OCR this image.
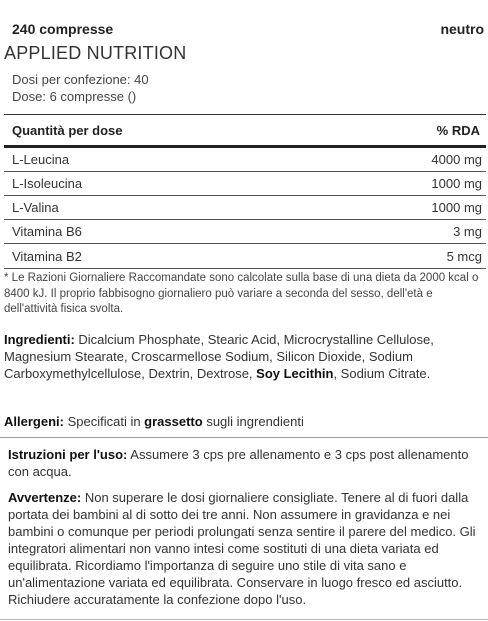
240 compresse	neutro
APPLIED NUTRITION
Dosi per confezione: 40
Dose: 6 compresse ()
Quantità per dose	% RDA
L-Leucina	4000 mg
L-Isoleucina	1000 mg
L-Valina	1000 mg
Vitamina B6	3 mg
Vitamina B2	5 mcg
* Le Razioni Giornaliere Raccomandate sono calcolate sulla base di una dieta da 2000 kcal o 8400 kJ. Il proprio fabbisogno giornaliero può variare a seconda del sesso, dell'età e dell'attività fisica svolta.
Ingredienti: Dicalcium Phosphate, Stearic Acid, Microcrystalline Cellulose, Magnesium Stearate, Croscarmellose Sodium, Silicon Dioxide, Sodium Carboxymethylcellulose, Dextrin, Dextrose, Soy Lecithin, Sodium Citrate.
Allergeni: Specificati in grassetto sugli ingrendienti
Istruzioni per l'uso: Assumere 3 cps pre allenamento e 3 cps post allenamento con acqua.
Avvertenze: Non superare le dosi giornaliere consigliate. Tenere al di fuori dalla portata dei bambini al di sotto dei tre anni. Non assumere in gravidanza e nei bambini o comunque per periodi prolungati senza sentire il parere del medico. Gli integratori alimentari non vanno intesi come sostituti di una dieta variata ed equilibrata. Ricordiamo l'importanza di seguire uno stile di vita sano e un'alimentazione variata ed equilibrata. Conservare in luogo fresco ed asciutto. Richiudere accuratamente la confezione dopo l'uso.
